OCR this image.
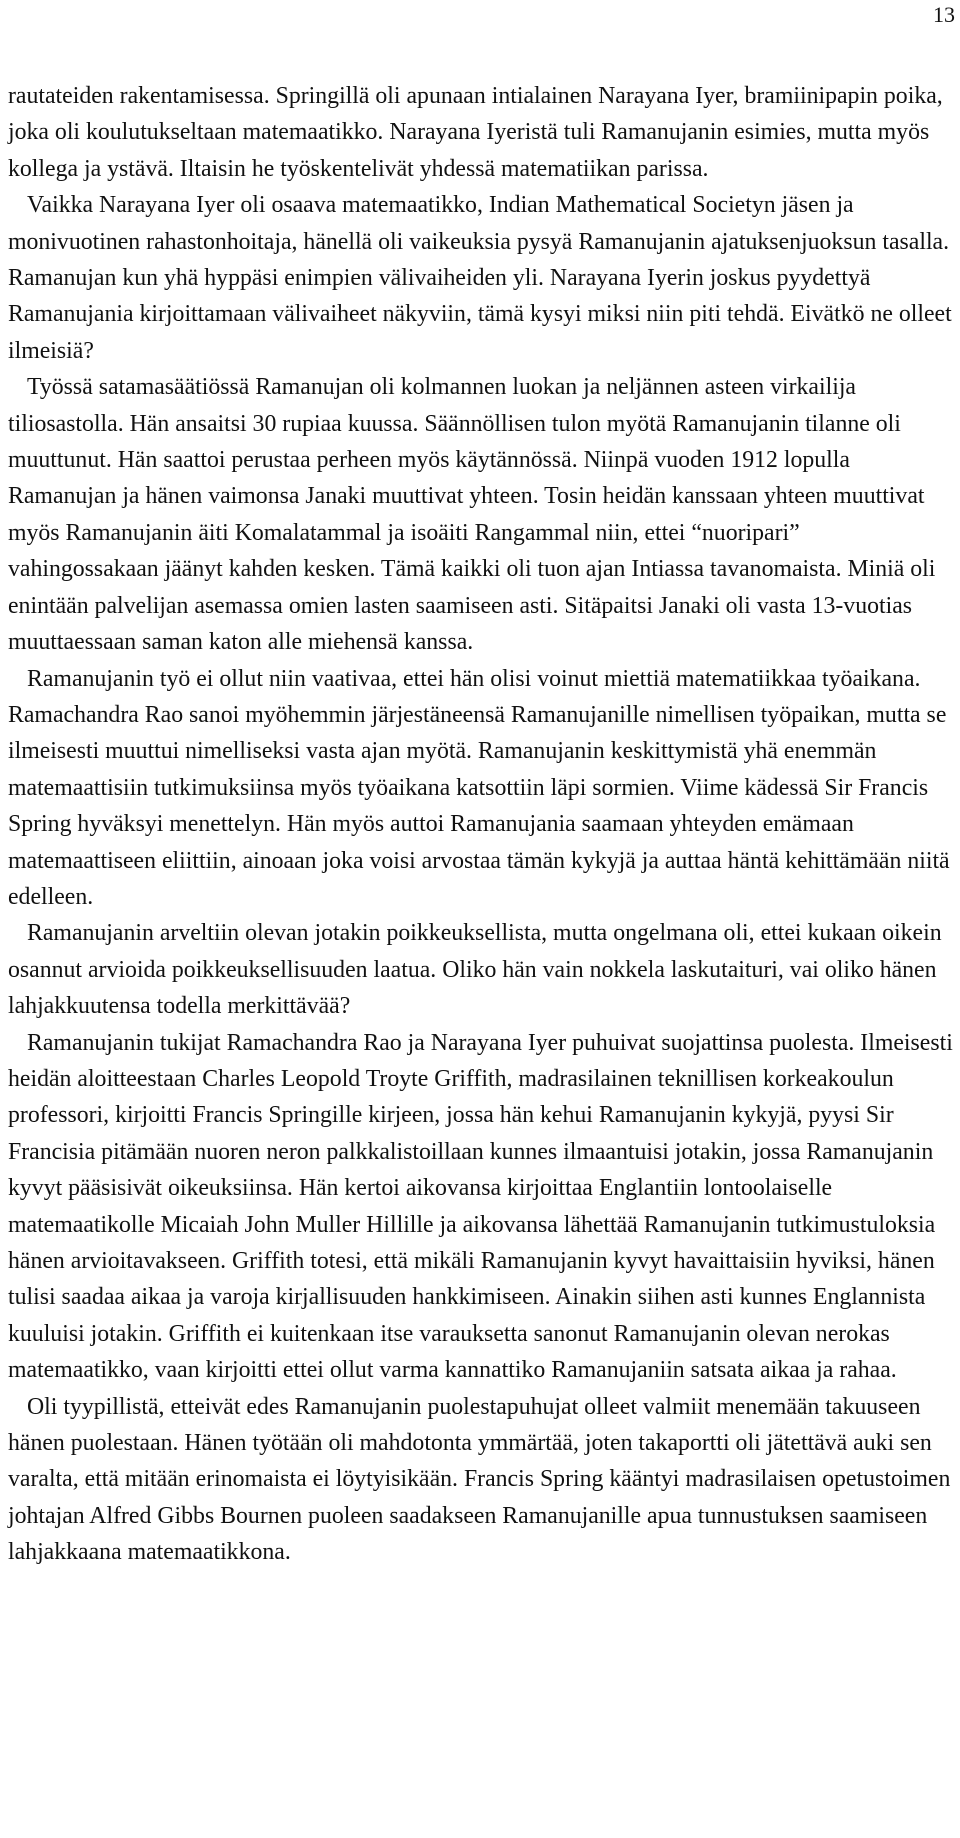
13

rautateiden rakentamisessa. Springillä oli apunaan intialainen Narayana Iyer, bramiinipapin poika, joka oli koulutukseltaan matemaatikko. Narayana Iyeristä tuli Ramanujanin esimies, mutta myös kollega ja ystävä. Iltaisin he työskentelivät yhdessä matematiikan parissa.

Vaikka Narayana Iyer oli osaava matemaatikko, Indian Mathematical Societyn jäsen ja monivuotinen rahastonhoitaja, hänellä oli vaikeuksia pysyä Ramanujanin ajatuksenjuoksun tasalla. Ramanujan kun yhä hyppäsi enimpien välivaiheiden yli. Narayana Iyerin joskus pyydettyä Ramanujania kirjoittamaan välivaiheet näkyviin, tämä kysyi miksi niin piti tehdä. Eivätkö ne olleet ilmeisiä?

Työssä satamasäätiössä Ramanujan oli kolmannen luokan ja neljännen asteen virkailija tiliosastolla. Hän ansaitsi 30 rupiaa kuussa. Säännöllisen tulon myötä Ramanujanin tilanne oli muuttunut. Hän saattoi perustaa perheen myös käytännössä. Niinpä vuoden 1912 lopulla Ramanujan ja hänen vaimonsa Janaki muuttivat yhteen. Tosin heidän kanssaan yhteen muuttivat myös Ramanujanin äiti Komalatammal ja isoäiti Rangammal niin, ettei “nuoripari” vahingossakaan jäänyt kahden kesken. Tämä kaikki oli tuon ajan Intiassa tavanomaista. Miniä oli enintään palvelijan asemassa omien lasten saamiseen asti. Sitäpaitsi Janaki oli vasta 13-vuotias muuttaessaan saman katon alle miehensä kanssa.

Ramanujanin työ ei ollut niin vaativaa, ettei hän olisi voinut miettiä matematiikkaa työaikana. Ramachandra Rao sanoi myöhemmin järjestäneensä Ramanujanille nimellisen työpaikan, mutta se ilmeisesti muuttui nimelliseksi vasta ajan myötä. Ramanujanin keskittymistä yhä enemmän matemaattisiin tutkimuksiinsa myös työaikana katsottiin läpi sormien. Viime kädessä Sir Francis Spring hyväksyi menettelyn. Hän myös auttoi Ramanujania saamaan yhteyden emämaan matemaattiseen eliittiin, ainoaan joka voisi arvostaa tämän kykyjä ja auttaa häntä kehittämään niitä edelleen.

Ramanujanin arveltiin olevan jotakin poikkeuksellista, mutta ongelmana oli, ettei kukaan oikein osannut arvioida poikkeuksellisuuden laatua. Oliko hän vain nokkela laskutaituri, vai oliko hänen lahjakkuutensa todella merkittävää?

Ramanujanin tukijat Ramachandra Rao ja Narayana Iyer puhuivat suojattinsa puolesta. Ilmeisesti heidän aloitteestaan Charles Leopold Troyte Griffith, madrasilainen teknillisen korkeakoulun professori, kirjoitti Francis Springille kirjeen, jossa hän kehui Ramanujanin kykyjä, pyysi Sir Francisia pitämään nuoren neron palkkalistoillaan kunnes ilmaantuisi jotakin, jossa Ramanujanin kyvyt pääsisivät oikeuksiinsa. Hän kertoi aikovansa kirjoittaa Englantiin lontoolaiselle matemaatikolle Micaiah John Muller Hillille ja aikovansa lähettää Ramanujanin tutkimustuloksia hänen arvioitavakseen. Griffith totesi, että mikäli Ramanujanin kyvyt havaittaisiin hyviksi, hänen tulisi saadaa aikaa ja varoja kirjallisuuden hankkimiseen. Ainakin siihen asti kunnes Englannista kuuluisi jotakin. Griffith ei kuitenkaan itse varauksetta sanonut Ramanujanin olevan nerokas matemaatikko, vaan kirjoitti ettei ollut varma kannattiko Ramanujaniin satsata aikaa ja rahaa.

Oli tyypillistä, etteivät edes Ramanujanin puolestapuhujat olleet valmiit menemään takuuseen hänen puolestaan. Hänen työtään oli mahdotonta ymmärtää, joten takaportti oli jätettävä auki sen varalta, että mitään erinomaista ei löytyisikään. Francis Spring kääntyi madrasilaisen opetustoimen johtajan Alfred Gibbs Bournen puoleen saadakseen Ramanujanille apua tunnustuksen saamiseen lahjakkaana matemaatikkona.
